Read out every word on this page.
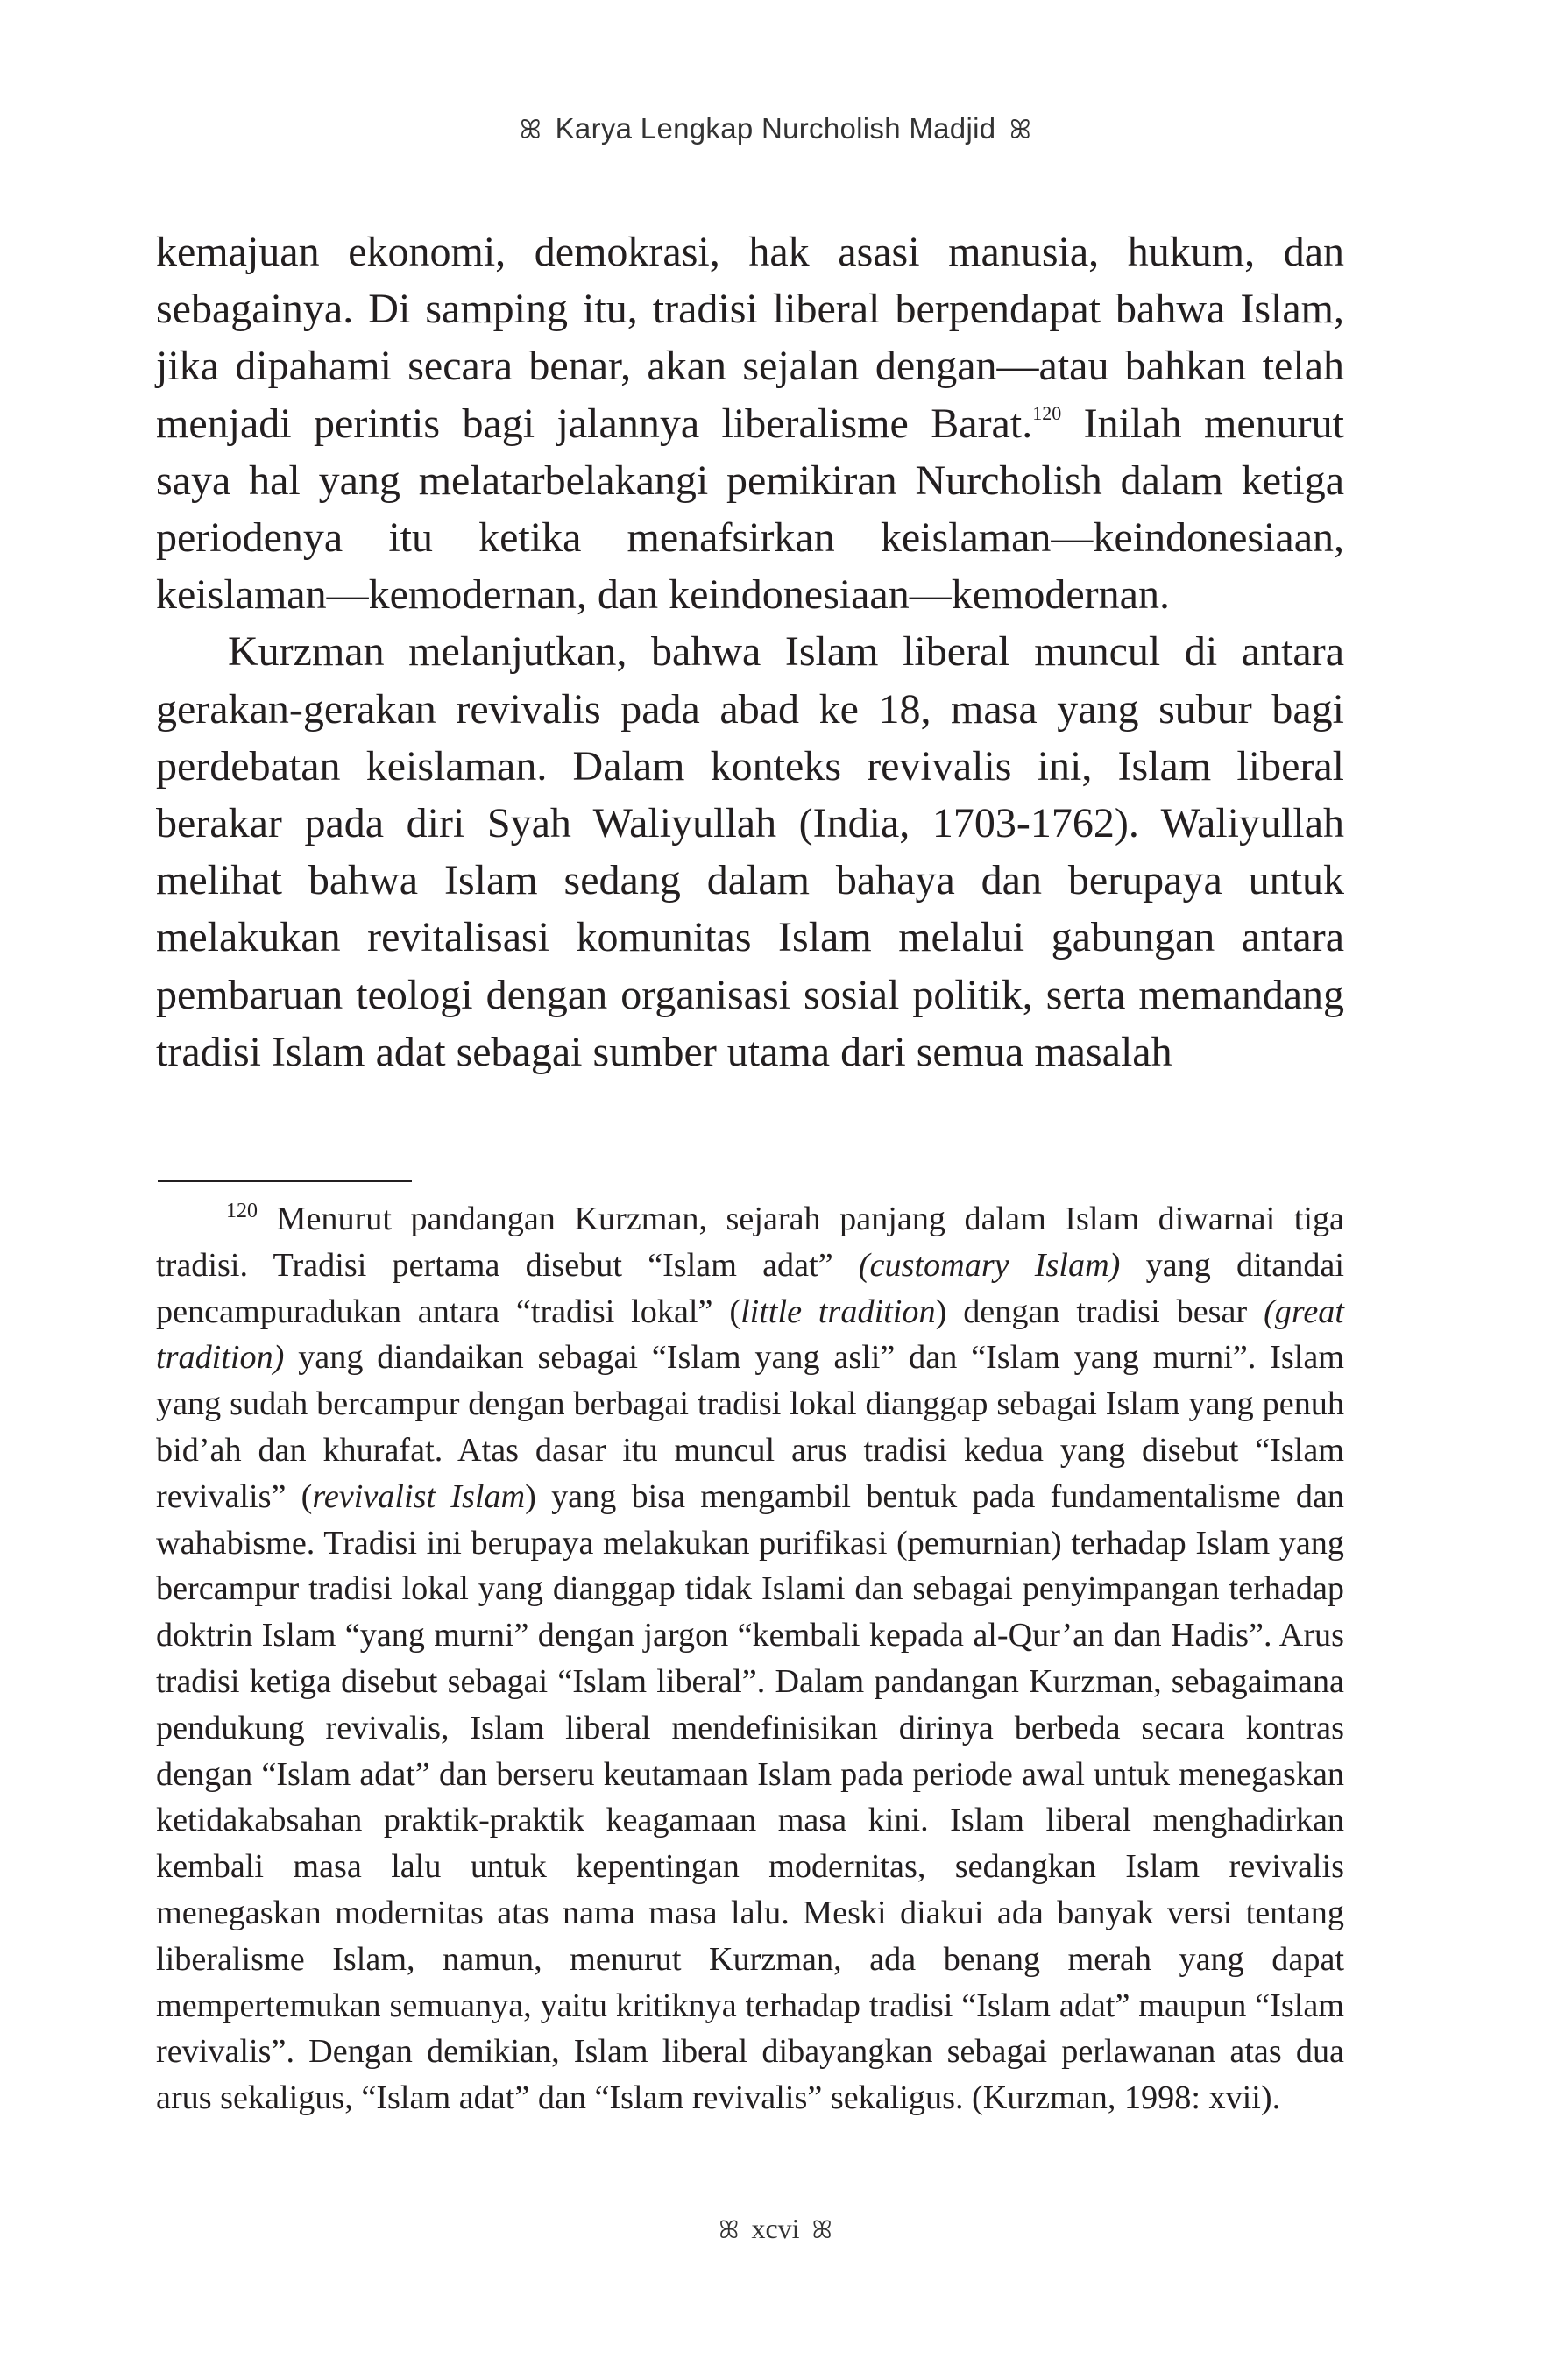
ꕤ Karya Lengkap Nurcholish Madjid ꕤ

kemajuan ekonomi, demokrasi, hak asasi manusia, hukum, dan sebagainya. Di samping itu, tradisi liberal berpendapat bahwa Islam, jika dipahami secara benar, akan sejalan dengan—atau bahkan telah menjadi perintis bagi jalannya liberalisme Barat.$^{120}$ Inilah menurut saya hal yang melatarbelakangi pemikiran Nurcholish dalam ketiga periodenya itu ketika menafsirkan keislaman—keindonesiaan, keislaman—kemodernan, dan keindonesiaan—kemodernan.

Kurzman melanjutkan, bahwa Islam liberal muncul di antara gerakan-gerakan revivalis pada abad ke 18, masa yang subur bagi perdebatan keislaman. Dalam konteks revivalis ini, Islam liberal berakar pada diri Syah Waliyullah (India, 1703-1762). Waliyullah melihat bahwa Islam sedang dalam bahaya dan berupaya untuk melakukan revitalisasi komunitas Islam melalui gabungan antara pembaruan teologi dengan organisasi sosial politik, serta memandang tradisi Islam adat sebagai sumber utama dari semua masalah

$^{120}$ Menurut pandangan Kurzman, sejarah panjang dalam Islam diwarnai tiga tradisi. Tradisi pertama disebut “Islam adat” (customary Islam) yang ditandai pencampuradukan antara “tradisi lokal” (little tradition) dengan tradisi besar (great tradition) yang diandaikan sebagai “Islam yang asli” dan “Islam yang murni”. Islam yang sudah bercampur dengan berbagai tradisi lokal dianggap sebagai Islam yang penuh bid’ah dan khurafat. Atas dasar itu muncul arus tradisi kedua yang disebut “Islam revivalis” (revivalist Islam) yang bisa mengambil bentuk pada fundamentalisme dan wahabisme. Tradisi ini berupaya melakukan purifikasi (pemurnian) terhadap Islam yang bercampur tradisi lokal yang dianggap tidak Islami dan sebagai penyimpangan terhadap doktrin Islam “yang murni” dengan jargon “kembali kepada al-Qur’an dan Hadis”. Arus tradisi ketiga disebut sebagai “Islam liberal”. Dalam pandangan Kurzman, sebagaimana pendukung revivalis, Islam liberal mendefinisikan dirinya berbeda secara kontras dengan “Islam adat” dan berseru keutamaan Islam pada periode awal untuk menegaskan ketidakabsahan praktik-praktik keagamaan masa kini. Islam liberal menghadirkan kembali masa lalu untuk kepentingan modernitas, sedangkan Islam revivalis menegaskan modernitas atas nama masa lalu. Meski diakui ada banyak versi tentang liberalisme Islam, namun, menurut Kurzman, ada benang merah yang dapat mempertemukan semuanya, yaitu kritiknya terhadap tradisi “Islam adat” maupun “Islam revivalis”. Dengan demikian, Islam liberal dibayangkan sebagai perlawanan atas dua arus sekaligus, “Islam adat” dan “Islam revivalis” sekaligus. (Kurzman, 1998: xvii).

ꕤ xcvi ꕤ
